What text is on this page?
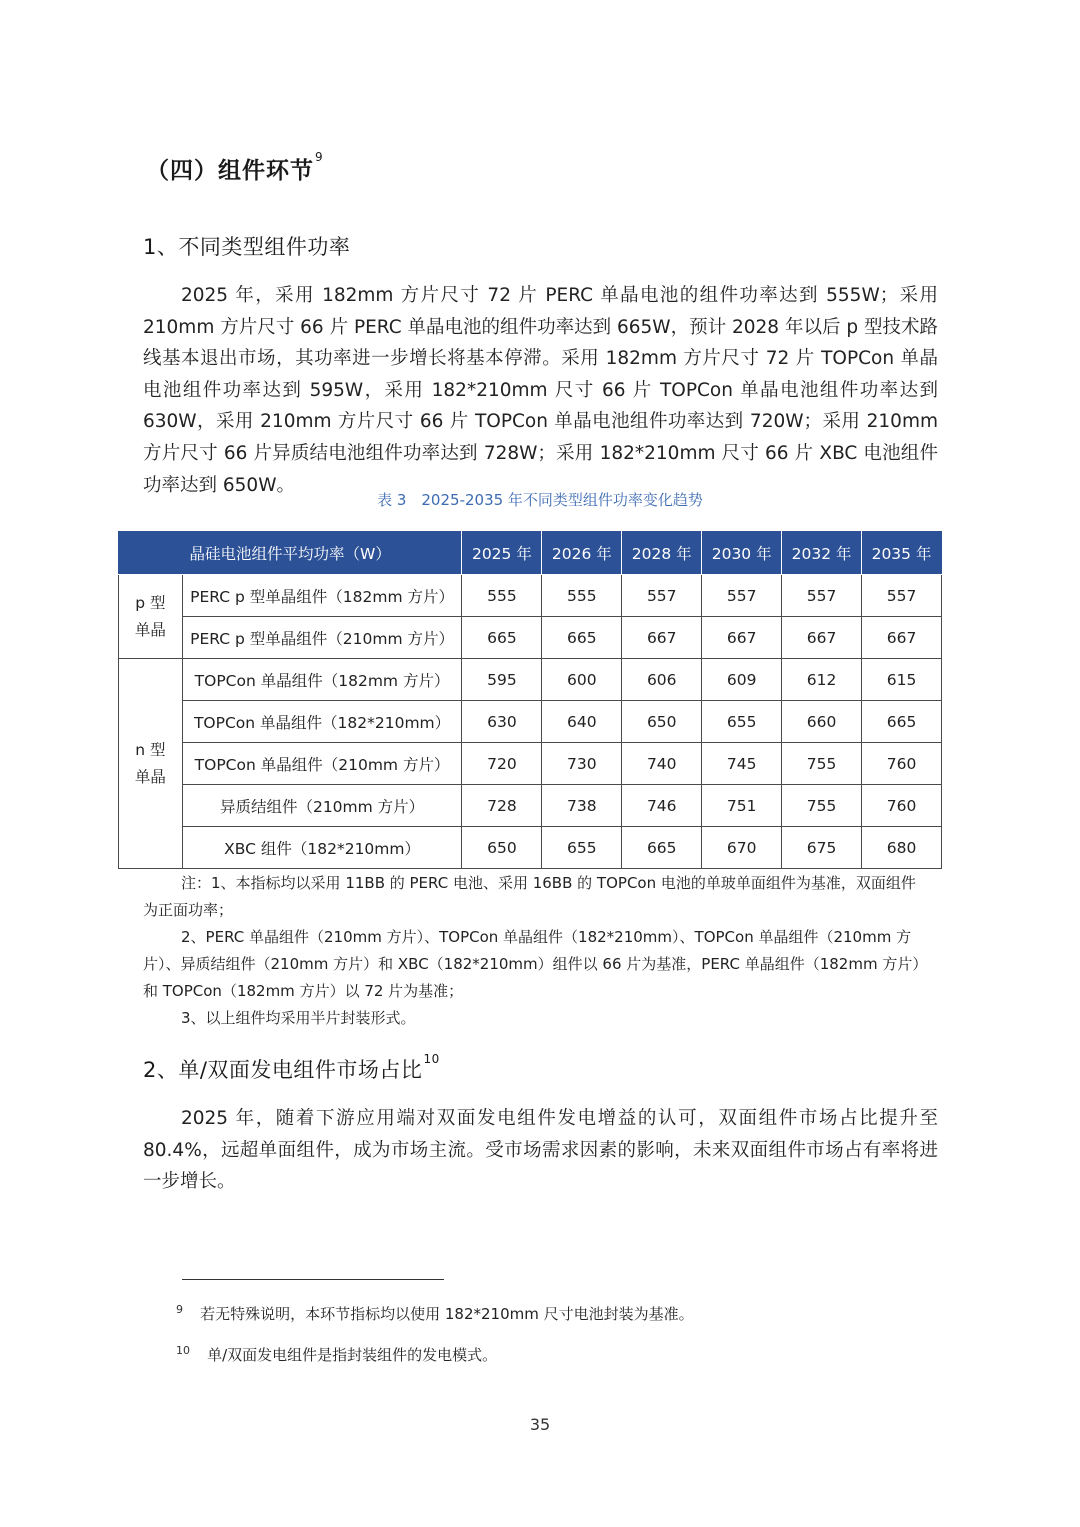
（四）组件环节$^9$
1、不同类型组件功率
2025 年，采用 182mm 方片尺寸 72 片 PERC 单晶电池的组件功率达到 555W；采用 210mm 方片尺寸 66 片 PERC 单晶电池的组件功率达到 665W，预计 2028 年以后 p 型技术路线基本退出市场，其功率进一步增长将基本停滞。采用 182mm 方片尺寸 72 片 TOPCon 单晶电池组件功率达到 595W，采用 182*210mm 尺寸 66 片 TOPCon 单晶电池组件功率达到 630W，采用 210mm 方片尺寸 66 片 TOPCon 单晶电池组件功率达到 720W；采用 210mm 方片尺寸 66 片异质结电池组件功率达到 728W；采用 182*210mm 尺寸 66 片 XBC 电池组件功率达到 650W。
表 3　2025-2035 年不同类型组件功率变化趋势
晶硅电池组件平均功率（W）		2025 年	2026 年	2028 年	2030 年	2032 年	2035 年

p 型
单晶	PERC p 型单晶组件（182mm 方片）	555	555	557	557	557	557
	PERC p 型单晶组件（210mm 方片）	665	665	667	667	667	667

n 型
单晶	TOPCon 单晶组件（182mm 方片）	595	600	606	609	612	615
	TOPCon 单晶组件（182*210mm）	630	640	650	655	660	665
	TOPCon 单晶组件（210mm 方片）	720	730	740	745	755	760
	异质结组件（210mm 方片）	728	738	746	751	755	760
	XBC 组件（182*210mm）	650	655	665	670	675	680
注：1、本指标均以采用 11BB 的 PERC 电池、采用 16BB 的 TOPCon 电池的单玻单面组件为基准，双面组件
为正面功率；
2、PERC 单晶组件（210mm 方片）、TOPCon 单晶组件（182*210mm）、TOPCon 单晶组件（210mm 方
片）、异质结组件（210mm 方片）和 XBC（182*210mm）组件以 66 片为基准，PERC 单晶组件（182mm 方片）
和 TOPCon（182mm 方片）以 72 片为基准；
3、以上组件均采用半片封装形式。
2、单/双面发电组件市场占比$^{10}$
2025 年，随着下游应用端对双面发电组件发电增益的认可，双面组件市场占比提升至 80.4%，远超单面组件，成为市场主流。受市场需求因素的影响，未来双面组件市场占有率将进一步增长。
$^9$ 若无特殊说明，本环节指标均以使用 182*210mm 尺寸电池封装为基准。
$^{10}$ 单/双面发电组件是指封装组件的发电模式。
35
